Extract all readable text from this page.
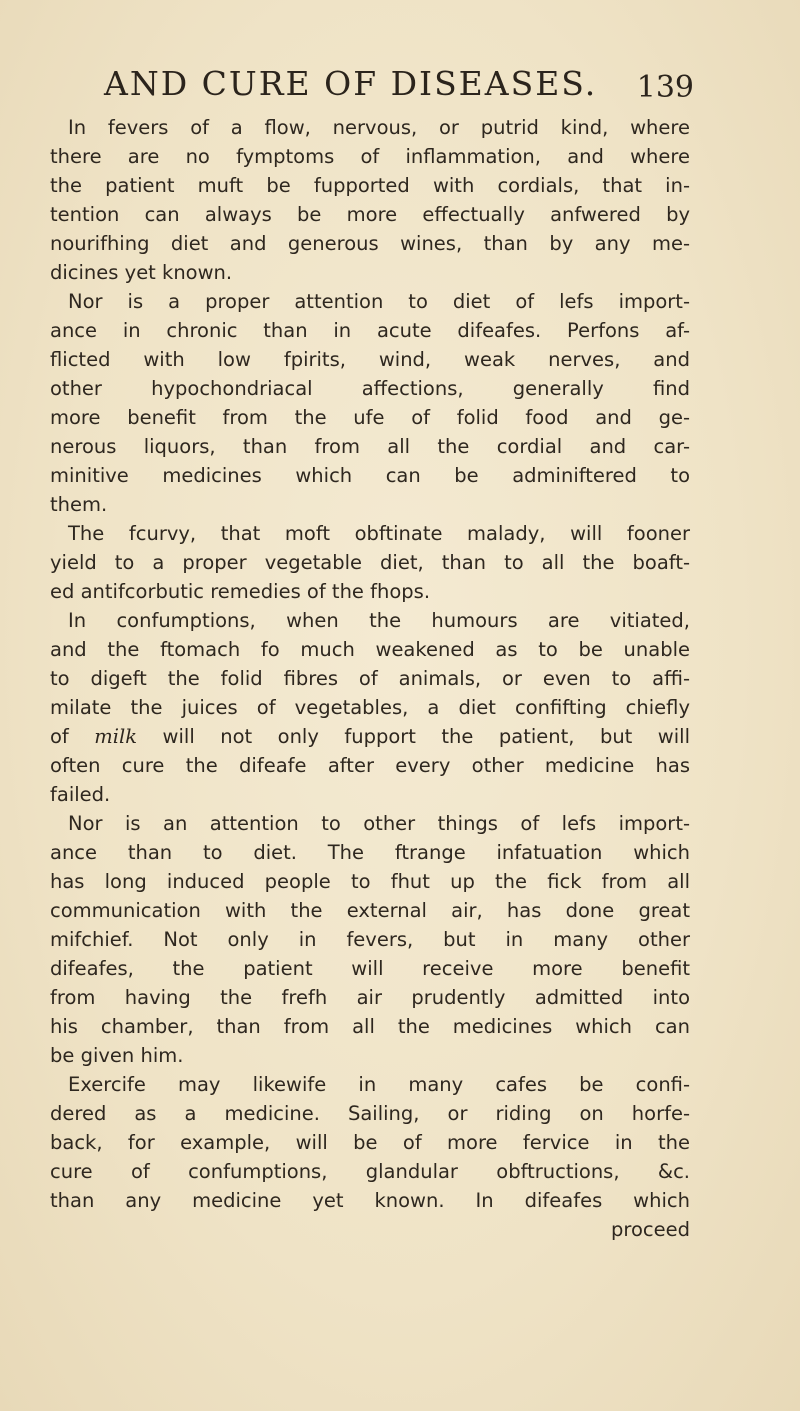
AND CURE OF DISEASES. 139
In fevers of a flow, nervous, or putrid kind, where
there are no fymptoms of inflammation, and where
the patient muft be fupported with cordials, that in-
tention can always be more effectually anfwered by
nourifhing diet and generous wines, than by any me-
dicines yet known.
Nor is a proper attention to diet of lefs import-
ance in chronic than in acute difeafes. Perfons af-
flicted with low fpirits, wind, weak nerves, and
other hypochondriacal affections, generally find
more benefit from the ufe of folid food and ge-
nerous liquors, than from all the cordial and car-
minitive medicines which can be adminiftered to
them.
The fcurvy, that moft obftinate malady, will fooner
yield to a proper vegetable diet, than to all the boaft-
ed antifcorbutic remedies of the fhops.
In confumptions, when the humours are vitiated,
and the ftomach fo much weakened as to be unable
to digeft the folid fibres of animals, or even to affi-
milate the juices of vegetables, a diet confifting chiefly
of milk will not only fupport the patient, but will
often cure the difeafe after every other medicine has
failed.
Nor is an attention to other things of lefs import-
ance than to diet. The ftrange infatuation which
has long induced people to fhut up the fick from all
communication with the external air, has done great
mifchief. Not only in fevers, but in many other
difeafes, the patient will receive more benefit
from having the frefh air prudently admitted into
his chamber, than from all the medicines which can
be given him.
Exercife may likewife in many cafes be confi-
dered as a medicine. Sailing, or riding on horfe-
back, for example, will be of more fervice in the
cure of confumptions, glandular obftructions, &c.
than any medicine yet known. In difeafes which
proceed
